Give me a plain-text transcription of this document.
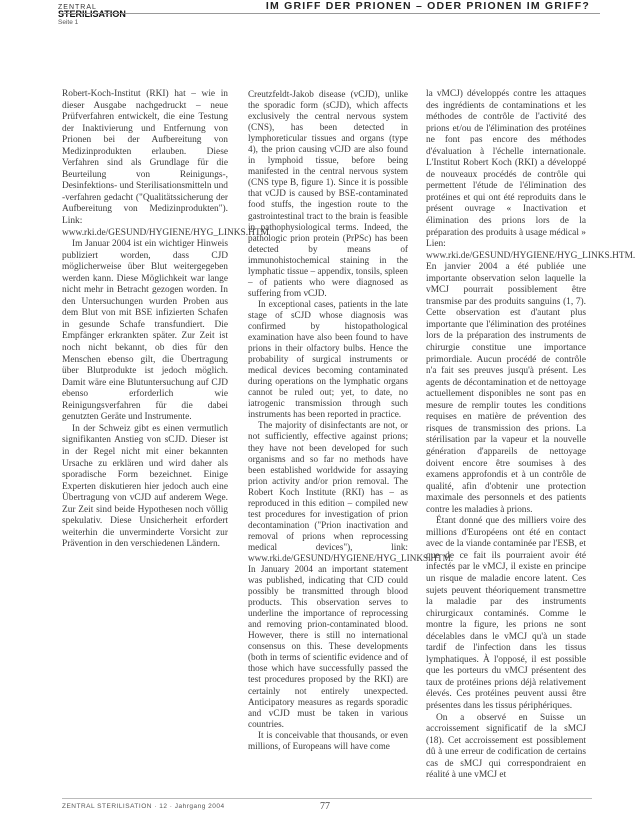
ZENTRAL
STERILISATION
Seite 1
IM GRIFF DER PRIONEN – ODER PRIONEN IM GRIFF?

Robert-Koch-Institut (RKI) hat – wie in dieser Ausgabe nachgedruckt – neue Prüfverfahren entwickelt, die eine Testung der Inaktivierung und Entfernung von Prionen bei der Aufbereitung von Medizinprodukten erlauben. Diese Verfahren sind als Grundlage für die Beurteilung von Reinigungs-, Desinfektions- und Sterilisationsmitteln und -verfahren gedacht ("Qualitätssicherung der Aufbereitung von Medizinprodukten"). Link: www.rki.de/GESUND/HYGIENE/HYG_LINKS.HTM

Im Januar 2004 ist ein wichtiger Hinweis publiziert worden, dass CJD möglicherweise über Blut weitergegeben werden kann. Diese Möglichkeit war lange nicht mehr in Betracht gezogen worden. In den Untersuchungen wurden Proben aus dem Blut von mit BSE infizierten Schafen in gesunde Schafe transfundiert. Die Empfänger erkrankten später. Zur Zeit ist noch nicht bekannt, ob dies für den Menschen ebenso gilt, die Übertragung über Blutprodukte ist jedoch möglich. Damit wäre eine Blutuntersuchung auf CJD ebenso erforderlich wie Reinigungsverfahren für die dabei genutzten Geräte und Instrumente.

In der Schweiz gibt es einen vermutlich signifikanten Anstieg von sCJD. Dieser ist in der Regel nicht mit einer bekannten Ursache zu erklären und wird daher als sporadische Form bezeichnet. Einige Experten diskutieren hier jedoch auch eine Übertragung von vCJD auf anderem Wege. Zur Zeit sind beide Hypothesen noch völlig spekulativ. Diese Unsicherheit erfordert weiterhin die unverminderte Vorsicht zur Prävention in den verschiedenen Ländern.

Creutzfeldt-Jakob disease (vCJD), unlike the sporadic form (sCJD), which affects exclusively the central nervous system (CNS), has been detected in lymphoreticular tissues and organs (type 4), the prion causing vCJD are also found in lymphoid tissue, before being manifested in the central nervous system (CNS type B, figure 1). Since it is possible that vCJD is caused by BSE-contaminated food stuffs, the ingestion route to the gastrointestinal tract to the brain is feasible in pathophysiological terms. Indeed, the pathologic prion protein (PrPSc) has been detected by means of immunohistochemical staining in the lymphatic tissue – appendix, tonsils, spleen – of patients who were diagnosed as suffering from vCJD.

In exceptional cases, patients in the late stage of sCJD whose diagnosis was confirmed by histopathological examination have also been found to have prions in their olfactory bulbs. Hence the probability of surgical instruments or medical devices becoming contaminated during operations on the lymphatic organs cannot be ruled out; yet, to date, no iatrogenic transmission through such instruments has been reported in practice.

The majority of disinfectants are not, or not sufficiently, effective against prions; they have not been developed for such organisms and so far no methods have been established worldwide for assaying prion activity and/or prion removal. The Robert Koch Institute (RKI) has – as reproduced in this edition – compiled new test procedures for investigation of prion decontamination ("Prion inactivation and removal of prions when reprocessing medical devices"), link: www.rki.de/GESUND/HYGIENE/HYG_LINKS.HTM. In January 2004 an important statement was published, indicating that CJD could possibly be transmitted through blood products. This observation serves to underline the importance of reprocessing and removing prion-contaminated blood. However, there is still no international consensus on this. These developments (both in terms of scientific evidence and of those which have successfully passed the test procedures proposed by the RKI) are certainly not entirely unexpected. Anticipatory measures as regards sporadic and vCJD must be taken in various countries.

It is conceivable that thousands, or even millions, of Europeans will have come

la vMCJ) développés contre les attaques des ingrédients de contaminations et les méthodes de contrôle de l'activité des prions et/ou de l'élimination des protéines ne font pas encore des méthodes d'évaluation à l'échelle internationale. L'Institut Robert Koch (RKI) a développé de nouveaux procédés de contrôle qui permettent l'étude de l'élimination des protéines et qui ont été reproduits dans le présent ouvrage « Inactivation et élimination des prions lors de la préparation des produits à usage médical » Lien: www.rki.de/GESUND/HYGIENE/HYG_LINKS.HTM. En janvier 2004 a été publiée une importante observation selon laquelle la vMCJ pourrait possiblement être transmise par des produits sanguins (1, 7). Cette observation est d'autant plus importante que l'élimination des protéines lors de la préparation des instruments de chirurgie constitue une importance primordiale. Aucun procédé de contrôle n'a fait ses preuves jusqu'à présent. Les agents de décontamination et de nettoyage actuellement disponibles ne sont pas en mesure de remplir toutes les conditions requises en matière de prévention des risques de transmission des prions. La stérilisation par la vapeur et la nouvelle génération d'appareils de nettoyage doivent encore être soumises à des examens approfondis et à un contrôle de qualité, afin d'obtenir une protection maximale des personnels et des patients contre les maladies à prions.

Étant donné que des milliers voire des millions d'Européens ont été en contact avec de la viande contaminée par l'ESB, et que de ce fait ils pourraient avoir été infectés par le vMCJ, il existe en principe un risque de maladie encore latent. Ces sujets peuvent théoriquement transmettre la maladie par des instruments chirurgicaux contaminés. Comme le montre la figure, les prions ne sont décelables dans le vMCJ qu'à un stade tardif de l'infection dans les tissus lymphatiques. À l'opposé, il est possible que les porteurs du vMCJ présentent des taux de protéines prions déjà relativement élevés. Ces protéines peuvent aussi être présentes dans les tissus périphériques.

On a observé en Suisse un accroissement significatif de la sMCJ (18). Cet accroissement est possiblement dû à une erreur de codification de certains cas de sMCJ qui correspondraient en réalité à une vMCJ et

ZENTRAL STERILISATION · 12 · Jahrgang 2004	77
